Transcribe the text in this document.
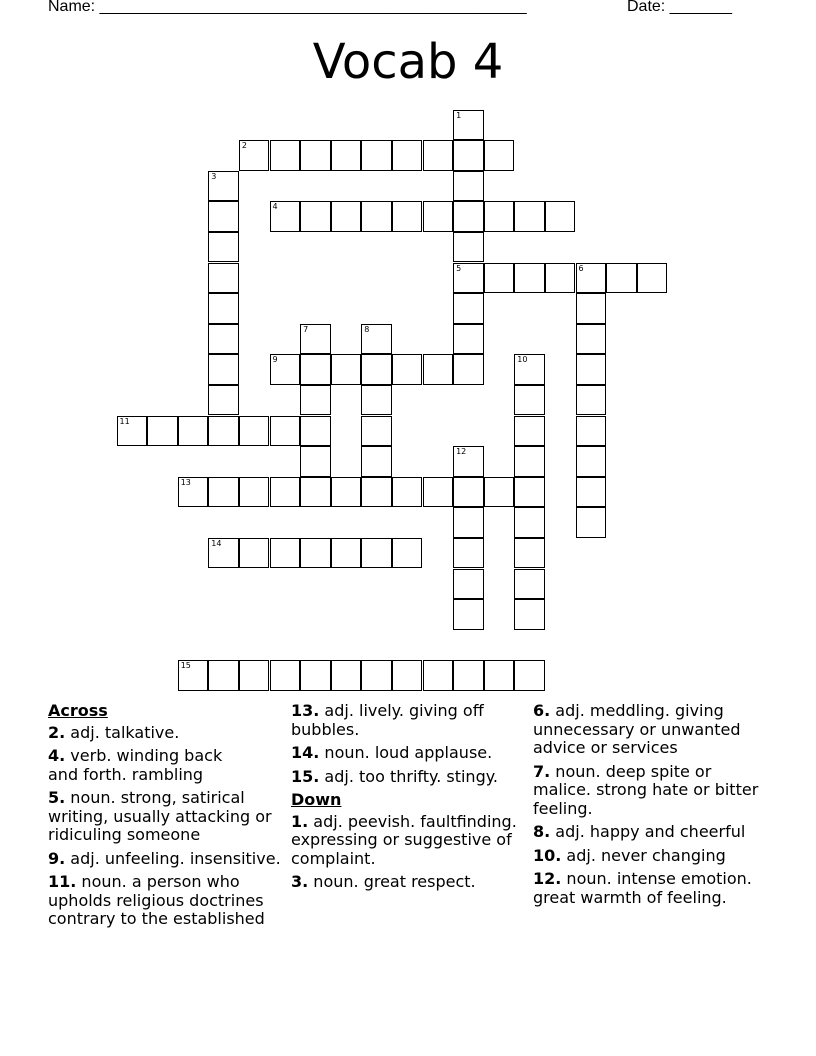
Name: ________________________________________________	Date: _______
Vocab 4
1
5
2
3
4
6
7	8
9	10
11
12
13
14
15
Across
2. adj. talkative.
4. verb. winding back and forth. rambling
5. noun. strong, satirical writing, usually attacking or ridiculing someone
9. adj. unfeeling. insensitive.
11. noun. a person who upholds religious doctrines contrary to the established
13. adj. lively. giving off bubbles.
14. noun. loud applause.
15. adj. too thrifty. stingy.
Down
1. adj. peevish. faultfinding. expressing or suggestive of complaint.
3. noun. great respect.
6. adj. meddling. giving unnecessary or unwanted advice or services
7. noun. deep spite or malice. strong hate or bitter feeling.
8. adj. happy and cheerful
10. adj. never changing
12. noun. intense emotion. great warmth of feeling.
